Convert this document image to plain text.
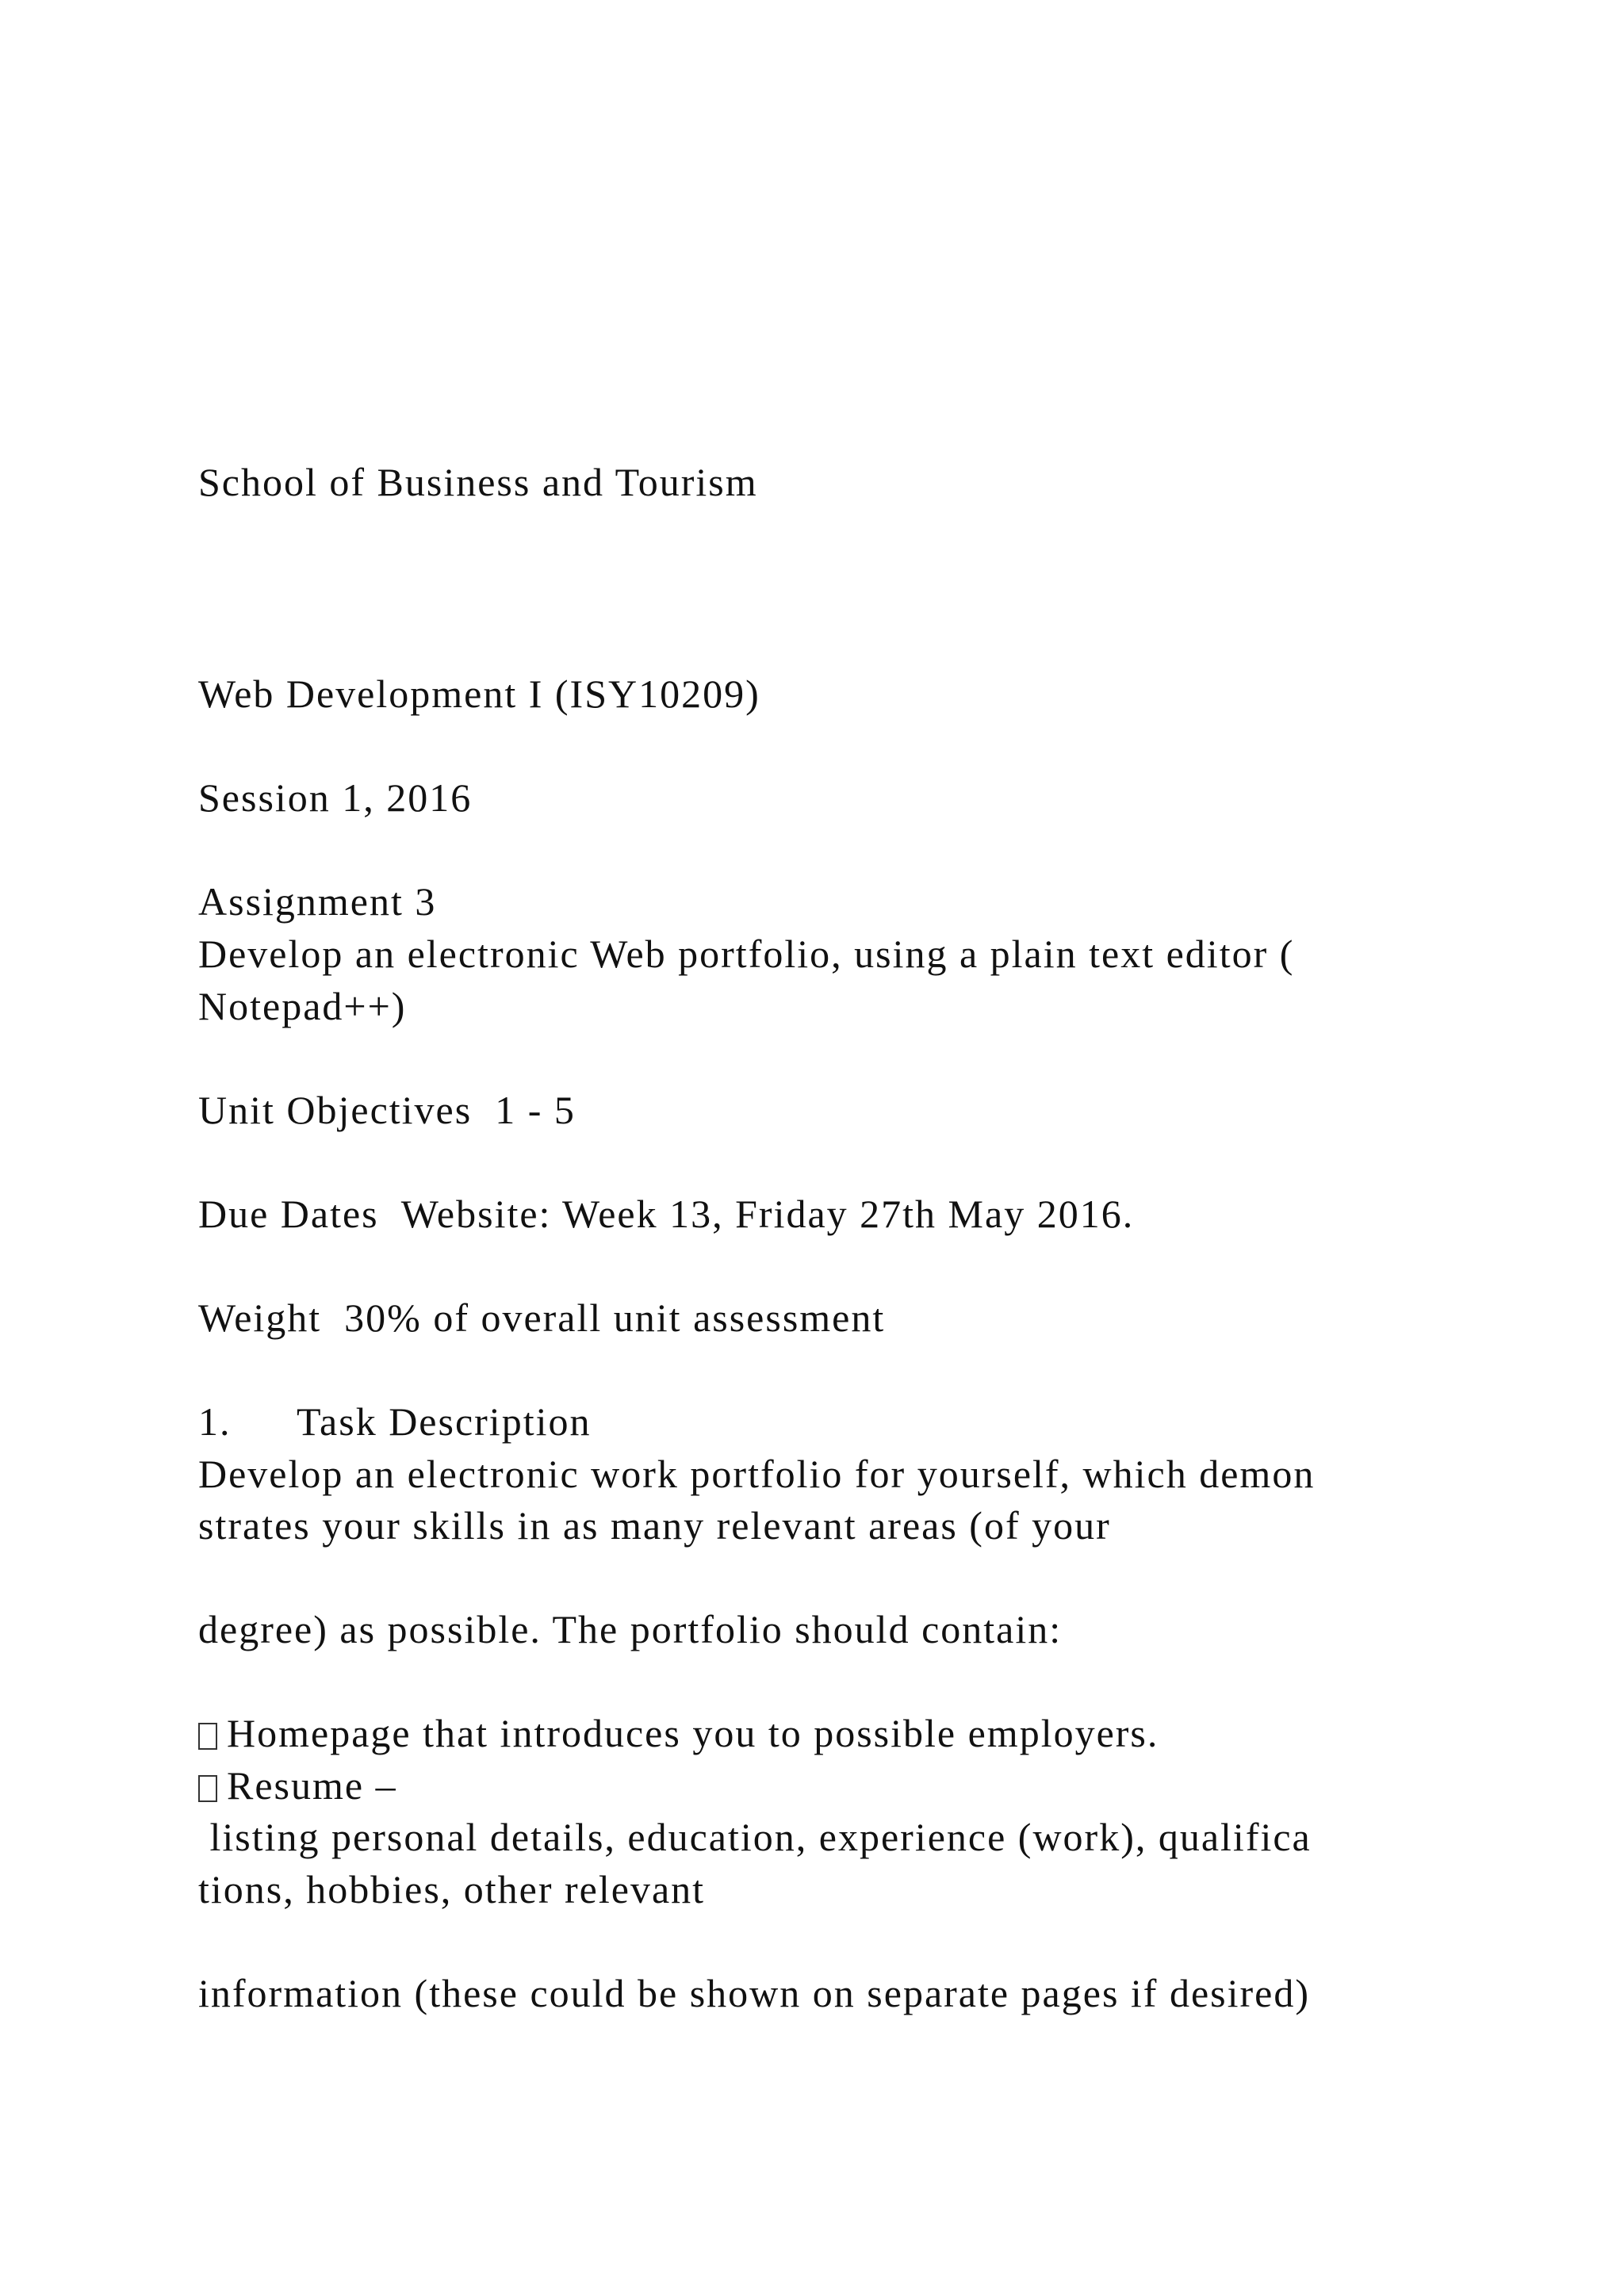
School of Business and Tourism
Web Development I (ISY10209)
Session 1, 2016
Assignment 3
Develop an electronic Web portfolio, using a plain text editor (
Notepad++)
Unit Objectives  1 - 5
Due Dates  Website: Week 13, Friday 27th May 2016.
Weight  30% of overall unit assessment
1. Task Description
Develop an electronic work portfolio for yourself, which demon
strates your skills in as many relevant areas (of your
degree) as possible. The portfolio should contain:
Homepage that introduces you to possible employers.
Resume –
listing personal details, education, experience (work), qualifica
tions, hobbies, other relevant
information (these could be shown on separate pages if desired)
